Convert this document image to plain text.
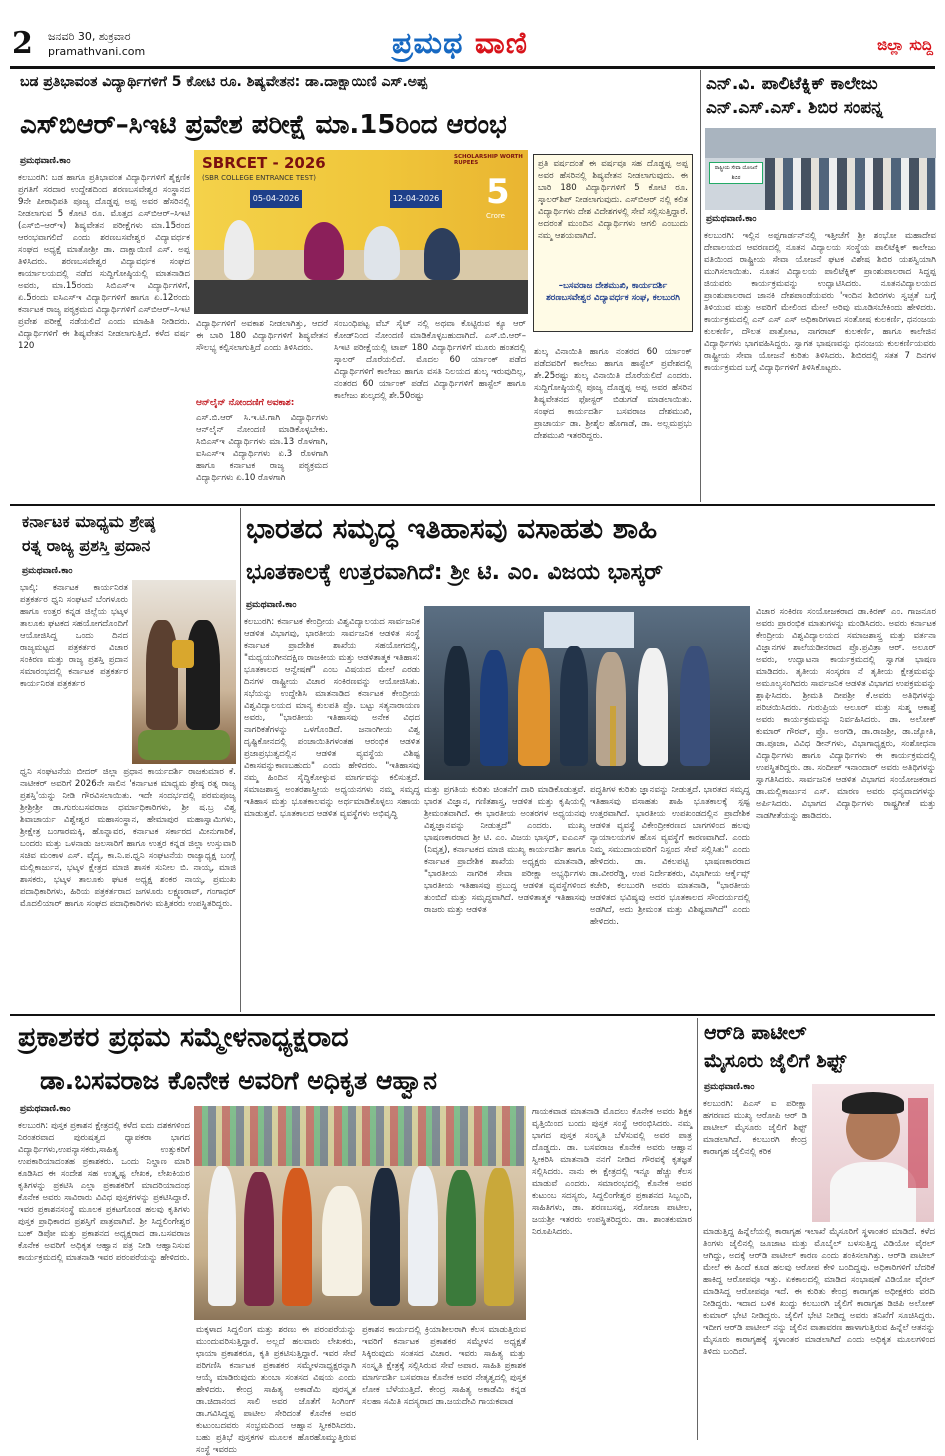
2 ಜನವರಿ 30, ಶುಕ್ರವಾರ
pramathvani.com	ಪ್ರಮಥ ವಾಣಿ	ಜಿಲ್ಲಾ ಸುದ್ದಿ
ಬಡ ಪ್ರತಿಭಾವಂತ ವಿದ್ಯಾರ್ಥಿಗಳಿಗೆ 5 ಕೋಟಿ ರೂ. ಶಿಷ್ಯವೇತನ: ಡಾ.ದಾಕ್ಷಾಯಿಣಿ ಎಸ್.ಅಪ್ಪ
ಎಸ್‌ಬಿಆರ್–ಸಿಇಟಿ ಪ್ರವೇಶ ಪರೀಕ್ಷೆ ಮಾ.15ರಿಂದ ಆರಂಭ
ಪ್ರಮಥವಾಣಿ.ಕಾಂ
ಕಲಬುರಗಿ: ಬಡ ಹಾಗೂ ಪ್ರತಿಭಾವಂತ ವಿದ್ಯಾರ್ಥಿಗಳಿಗೆ ಶೈಕ್ಷಣಿಕ ಪ್ರಗತಿಗೆ ಸರದಾರ ಉದ್ದೇಶದಿಂದ ಶರಣಬಸವೇಶ್ವರ ಸಂಸ್ಥಾನದ 9ನೇ ಪೀಠಾಧಿಪತಿ ಪೂಜ್ಯ ದೊಡ್ಡಪ್ಪ ಅಪ್ಪ ಅವರ ಹೆಸರಿನಲ್ಲಿ ನೀಡಲಾಗುವ 5 ಕೋಟಿ ರೂ. ಮೊತ್ತದ ಎಸ್‌ಬಿಆರ್–ಸಿಇಟಿ (ಎಸ್‌ಬಿ–ಆರ್‌ಇ) ಶಿಷ್ಯವೇತನ ಪರೀಕ್ಷೆಗಳು ಮಾ.15ರಂದ ಆರಂಭವಾಗಲಿದೆ ಎಂದು ಶರಣಬಸವೇಶ್ವರ ವಿದ್ಯಾವರ್ಧಕ ಸಂಘದ ಅಧ್ಯಕ್ಷೆ ಮಾತೋಶ್ರೀ ಡಾ. ದಾಕ್ಷಾಯಿಣಿ ಎಸ್. ಅಪ್ಪ ತಿಳಿಸಿದರು. ಶರಣಬಸವೇಶ್ವರ ವಿದ್ಯಾವರ್ಧಕ ಸಂಘದ ಕಾರ್ಯಾಲಯದಲ್ಲಿ ನಡೆದ ಸುದ್ದಿಗೋಷ್ಠಿಯಲ್ಲಿ ಮಾತನಾಡಿದ ಅವರು, ಮಾ.15ರಂದು ಸಿಬಿಎಸ್‌ಇ ವಿದ್ಯಾರ್ಥಿಗಳಿಗೆ, ಏ.5ರಂದು ಐಸಿಎಸ್‌ಇ ವಿದ್ಯಾರ್ಥಿಗಳಿಗೆ ಹಾಗೂ ಏ.12ರಂದು ಕರ್ನಾಟಕ ರಾಜ್ಯ ಪಠ್ಯಕ್ರಮದ ವಿದ್ಯಾರ್ಥಿಗಳಿಗೆ ಎಸ್‌ಬಿಆರ್–ಸಿಇಟಿ ಪ್ರವೇಶ ಪರೀಕ್ಷೆ ನಡೆಯಲಿದೆ ಎಂದು ಮಾಹಿತಿ ನೀಡಿದರು. ವಿದ್ಯಾರ್ಥಿಗಳಿಗೆ ಈ ಶಿಷ್ಯವೇತನ ನೀಡಲಾಗುತ್ತಿದೆ. ಕಳೆದ ವರ್ಷ 120
SBRCET - 2026
(SBR COLLEGE ENTRANCE TEST)
05-04-2026	12-04-2026 5
Crore
SCHOLARSHIP WORTH RUPEES
ವಿದ್ಯಾರ್ಥಿಗಳಿಗೆ ಅವಕಾಶ ನೀಡಲಾಗಿತ್ತು, ಆದರೆ ಈ ಬಾರಿ 180 ವಿದ್ಯಾರ್ಥಿಗಳಿಗೆ ಶಿಷ್ಯವೇತನ ಸೌಲಭ್ಯ ಕಲ್ಪಿಸಲಾಗುತ್ತಿದೆ ಎಂದು ತಿಳಿಸಿದರು.
ಆನ್‌ಲೈನ್ ನೋಂದಣಿಗೆ ಅವಕಾಶ:
ಎಸ್.ಬಿ.ಆರ್ ಸಿ.ಇ.ಟಿ.ಗಾಗಿ ವಿದ್ಯಾರ್ಥಿಗಳು ಆನ್‌ಲೈನ್ ನೋಂದಣಿ ಮಾಡಿಕೊಳ್ಳಬೇಕು. ಸಿಬಿಎಸ್‌ಇ ವಿದ್ಯಾರ್ಥಿಗಳು ಮಾ.13 ರೊಳಗಾಗಿ, ಐಸಿಎಸ್‌ಇ ವಿದ್ಯಾರ್ಥಿಗಳು ಏ.3 ರೊಳಗಾಗಿ ಹಾಗೂ ಕರ್ನಾಟಕ ರಾಜ್ಯ ಪಠ್ಯಕ್ರಮದ ವಿದ್ಯಾರ್ಥಿಗಳು ಏ.10 ರೊಳಗಾಗಿ
ಸಂಬಂಧಿಪಟ್ಟ ವೆಬ್ ಸೈಟ್ ನಲ್ಲಿ ಅಥವಾ ಕೊಟ್ಟಿರುವ ಕ್ಯೂ ಆರ್ ಕೋಡ್‌ನಿಂದ ನೋಂದಣಿ ಮಾಡಿಕೊಳ್ಳಬಹುದಾಗಿದೆ. ಎಸ್.ಬಿ.ಆರ್–ಸಿಇಟಿ ಪರೀಕ್ಷೆಯಲ್ಲಿ ಟಾಪ್ 180 ವಿದ್ಯಾರ್ಥಿಗಳಿಗೆ ಮೂರು ಹಂತದಲ್ಲಿ ಸ್ಕಾಲರ್ ದೊರೆಯಲಿದೆ. ಮೊದಲ 60 ರ್ಯಾಂಕ್ ಪಡೆದ ವಿದ್ಯಾರ್ಥಿಗಳಿಗೆ ಕಾಲೇಜು ಹಾಗೂ ವಸತಿ ನಿಲಯದ ಶುಲ್ಕ ಇರುವುದಿಲ್ಲ, ನಂತರದ 60 ರ್ಯಾಂಕ್ ಪಡೆದ ವಿದ್ಯಾರ್ಥಿಗಳಿಗೆ ಹಾಸ್ಟೆಲ್ ಹಾಗೂ ಕಾಲೇಜು ಶುಲ್ಕದಲ್ಲಿ ಶೇ.50ರಷ್ಟು
ಪ್ರತಿ ವರ್ಷದಂತೆ ಈ ವರ್ಷವೂ ಸಹ ದೊಡ್ಡಪ್ಪ ಅಪ್ಪ ಅವರ ಹೆಸರಿನಲ್ಲಿ ಶಿಷ್ಯವೇತನ ನೀಡಲಾಗುವುದು. ಈ ಬಾರಿ 180 ವಿದ್ಯಾರ್ಥಿಗಳಿಗೆ 5 ಕೋಟಿ ರೂ. ಸ್ಕಾಲರ್‌ಶಿಪ್ ನೀಡಲಾಗುವುದು. ಎಸ್‌ಬಿಆರ್ ನಲ್ಲಿ ಕಲಿತ ವಿದ್ಯಾರ್ಥಿಗಳು ದೇಶ ವಿದೇಶಗಳಲ್ಲಿ ಸೇವೆ ಸಲ್ಲಿಸುತ್ತಿದ್ದಾರೆ. ಅದರಂತೆ ಮುಂದಿನ ವಿದ್ಯಾರ್ಥಿಗಳು ಆಗಲಿ ಎಂಬುದು ನಮ್ಮ ಆಶಯವಾಗಿದೆ.
–ಬಸವರಾಜ ದೇಶಮುಖಿ, ಕಾರ್ಯದರ್ಶಿ ಶರಣಬಸವೇಶ್ವರ ವಿದ್ಯಾವರ್ಧಕ ಸಂಘ, ಕಲಬುರಗಿ
ಶುಲ್ಕ ವಿನಾಯಿತಿ ಹಾಗೂ ನಂತರದ 60 ರ್ಯಾಂಕ್ ಪಡೆದವರಿಗೆ ಕಾಲೇಜು ಹಾಗೂ ಹಾಸ್ಟೆಲ್ ಪ್ರವೇಶದಲ್ಲಿ ಶೇ.25ರಷ್ಟು ಶುಲ್ಕ ವಿನಾಯಿತಿ ದೊರೆಯಲಿದೆ ಎಂದರು. ಸುದ್ದಿಗೋಷ್ಠಿಯಲ್ಲಿ ಪೂಜ್ಯ ದೊಡ್ಡಪ್ಪ ಅಪ್ಪ ಅವರ ಹೆಸರಿನ ಶಿಷ್ಯವೇತನದ ಫೋಸ್ಟರ್ ಬಿಡುಗಡೆ ಮಾಡಲಾಯಿತು. ಸಂಘದ ಕಾರ್ಯದರ್ಶಿ ಬಸವರಾಜ ದೇಶಮುಖಿ, ಪ್ರಾಚಾರ್ಯ ಡಾ. ಶ್ರೀಶೈಲ ಹೊಗಾಡೆ, ಡಾ. ಅಲ್ಲಮಪ್ರಭು ದೇಶಮುಖಿ ಇತರರಿದ್ದರು.
ಎನ್.ವಿ. ಪಾಲಿಟೆಕ್ನಿಕ್ ಕಾಲೇಜು
ಎನ್.ಎಸ್.ಎಸ್. ಶಿಬಿರ ಸಂಪನ್ನ
ರಾಷ್ಟ್ರೀಯ ಸೇವಾ ಯೋಜನೆ ಶಿಬಿರ
ಪ್ರಮಥವಾಣಿ.ಕಾಂ
ಕಲಬುರಗಿ: ಇಲ್ಲಿನ ಅಪ್ಪಗಾರ್ಡನ್‌ನಲ್ಲಿ ಇತ್ತೀಚೆಗೆ ಶ್ರೀ ಶಂಭೋ ಮಹಾದೇವ ದೇವಾಲಯದ ಆವರಣದಲ್ಲಿ ನೂತನ ವಿದ್ಯಾಲಯ ಸಂಸ್ಥೆಯ ಪಾಲಿಟೆಕ್ನಿಕ್ ಕಾಲೇಜು ವತಿಯಿಂದ ರಾಷ್ಟ್ರೀಯ ಸೇವಾ ಯೋಜನೆ ಘಟಕ ವಿಶೇಷ ಶಿಬಿರ ಯಶಸ್ವಿಯಾಗಿ ಮುಗಿಸಲಾಯಿತು. ನೂತನ ವಿದ್ಯಾಲಯ ಪಾಲಿಟೆಕ್ನಿಕ್ ಪ್ರಾಂಶುಪಾಲರಾದ ಸಿದ್ದಪ್ಪ ಜಿಯವರು ಕಾರ್ಯಕ್ರಮವನ್ನು ಉದ್ಘಾಟಿಸಿದರು. ನೂತನವಿದ್ಯಾಲಯದ ಪ್ರಾಂಶುಪಾಲರಾದ ಜಾನಕಿ ದೇಶಪಾಂಡೆಯವರು 'ಇಂದಿನ ಶಿಬಿರಗಳು ಸ್ವಚ್ಛತೆ ಬಗ್ಗೆ ತಿಳಿಯುವ ಮತ್ತು ಅವರಿಗೆ ಮೇಲಿಂದ ಮೇಲೆ ಅರಿವು ಮೂಡಿಸಬೇಕಿಂದು ಹೇಳಿದರು. ಕಾರ್ಯಕ್ರಮದಲ್ಲಿ ಎನ್ ಎಸ್ ಎಸ್ ಅಧಿಕಾರಿಗಳಾದ ಸಂತೋಷ ಕುಲಕರ್ಣಿ, ಧನಂಜಯ ಕುಲಕರ್ಣಿ, ದೌಲತ ಪಾತ್ರೋಟ, ನಾಗರಾಜ್ ಕುಲಕರ್ಣಿ, ಹಾಗೂ ಕಾಲೇಜಿನ ವಿದ್ಯಾರ್ಥಿಗಳು ಭಾಗವಹಿಸಿದ್ದರು. ಸ್ವಾಗತ ಭಾಷಣವನ್ನು ಧನಂಜಯ ಕುಲಕರ್ಣಿಯವರು ರಾಷ್ಟ್ರೀಯ ಸೇವಾ ಯೋಜನೆ ಕುರಿತು ತಿಳಿಸಿದರು. ಶಿಬಿರದಲ್ಲಿ ಸತತ 7 ದಿನಗಳ ಕಾರ್ಯಕ್ರಮದ ಬಗ್ಗೆ ವಿದ್ಯಾರ್ಥಿಗಳಿಗೆ ತಿಳಿಸಿಕೊಟ್ಟರು.
ಕರ್ನಾಟಕ ಮಾಧ್ಯಮ ಶ್ರೇಷ್ಠ
ರತ್ನ ರಾಜ್ಯ ಪ್ರಶಸ್ತಿ ಪ್ರದಾನ
ಪ್ರಮಥವಾಣಿ.ಕಾಂ
ಭಾಲ್ಕಿ: ಕರ್ನಾಟಕ ಕಾರ್ಯನಿರತ ಪತ್ರಕರ್ತರ ಧ್ವನಿ ಸಂಘಟನೆ ಬೆಂಗಳೂರು ಹಾಗೂ ಉತ್ತರ ಕನ್ನಡ ಜಿಲ್ಲೆಯ ಭಟ್ಕಳ ತಾಲೂಕು ಘಟಕದ ಸಹಯೋಗದೊಂದಿಗೆ ಆಯೋಜಿಸಿದ್ದ ಒಂದು ದಿನದ ರಾಜ್ಯಮಟ್ಟದ ಪತ್ರಕರ್ತರ ವಿಚಾರ ಸಂಕಿರಣ ಮತ್ತು ರಾಜ್ಯ ಪ್ರಶಸ್ತಿ ಪ್ರದಾನ ಸಮಾರಂಭದಲ್ಲಿ ಕರ್ನಾಟಕ ಪತ್ರಕರ್ತರ ಕಾರ್ಯನಿರತ ಪತ್ರಕರ್ತರ
ಧ್ವನಿ ಸಂಘಟನೆಯ ಬೀದರ್ ಜಿಲ್ಲಾ ಪ್ರಧಾನ ಕಾರ್ಯದರ್ಶಿ ರಾಜಕುಮಾರ ಕೆ. ನಾಟೀಕರ್ ಅವರಿಗೆ 2026ನೇ ಸಾಲಿನ 'ಕರ್ನಾಟಕ ಮಾಧ್ಯಮ ಶ್ರೇಷ್ಠ ರತ್ನ ರಾಜ್ಯ ಪ್ರಶಸ್ತಿ'ಯನ್ನು ನೀಡಿ ಗೌರವಿಸಲಾಯಿತು. ಇದೇ ಸಂದರ್ಭದಲ್ಲಿ ಪರಮಪೂಜ್ಯ ಶ್ರೀಶ್ರೀಶ್ರೀ ಡಾ.ಗುರುಬಸವರಾಜ ಧರ್ಮಾಧಿಕಾರಿಗಳು, ಶ್ರೀ ಷ.ಬ್ರ ವಿಶ್ವ ಶಿವಾಚಾರ್ಯ ವಿಶ್ವೇಶ್ವರ ಮಹಾಸಂಸ್ಥಾನ, ಹೇಮಾಪುರ ಮಹಾಸ್ವಾಮಿಗಳು, ಶ್ರೀಕ್ಷೇತ್ರ ಬಂಗಾರಮಕ್ಕಿ, ಹೊನ್ನಾವರ, ಕರ್ನಾಟಕ ಸರ್ಕಾರದ ಮೀನುಗಾರಿಕೆ, ಬಂದರು ಮತ್ತು ಒಳನಾಡು ಜಲಸಾರಿಗೆ ಹಾಗೂ ಉತ್ತರ ಕನ್ನಡ ಜಿಲ್ಲಾ ಉಸ್ತುವಾರಿ ಸಚಿವ ಮಂಕಾಳ ಎಸ್. ವೈದ್ಯ, ಕಾ.ನಿ.ಪ.ಧ್ವನಿ ಸಂಘಟನೆಯ ರಾಜ್ಯಾಧ್ಯಕ್ಷ ಬಂಗ್ಲೆ ಮಲ್ಲಿಕಾರ್ಜುನ, ಭಟ್ಕಳ ಕ್ಷೇತ್ರದ ಮಾಜಿ ಶಾಸಕ ಸುನೀಲ ಬಿ. ನಾಯ್ಕ, ಮಾಜಿ ಶಾಸಕರು, ಭಟ್ಕಳ ತಾಲೂಕು ಘಟಕ ಅಧ್ಯಕ್ಷ ಶಂಕರ ನಾಯ್ಕ, ಪ್ರಮುಖ ಪದಾಧಿಕಾರಿಗಳು, ಹಿರಿಯ ಪತ್ರಕರ್ತರಾದ ಜಗಳೂರು ಲಕ್ಷ್ಮಣರಾವ್, ಗಂಗಾಧರ್ ಮೊದಲಿಯಾರ್ ಹಾಗೂ ಸಂಘದ ಪದಾಧಿಕಾರಿಗಳು ಮತ್ತಿತರರು ಉಪಸ್ಥಿತರಿದ್ದರು.
ಭಾರತದ ಸಮೃದ್ಧ ಇತಿಹಾಸವು ವಸಾಹತು ಶಾಹಿ
ಭೂತಕಾಲಕ್ಕೆ ಉತ್ತರವಾಗಿದೆ: ಶ್ರೀ ಟಿ. ಎಂ. ವಿಜಯ ಭಾಸ್ಕರ್
ಪ್ರಮಥವಾಣಿ.ಕಾಂ
ಕಲಬುರಗಿ: ಕರ್ನಾಟಕ ಕೇಂದ್ರೀಯ ವಿಶ್ವವಿದ್ಯಾಲಯದ ಸಾರ್ವಜನಿಕ ಆಡಳಿತ ವಿಭಾಗವು, ಭಾರತೀಯ ಸಾರ್ವಜನಿಕ ಆಡಳಿತ ಸಂಸ್ಥೆ ಕರ್ನಾಟಕ ಪ್ರಾದೇಶಿಕ ಶಾಖೆಯ ಸಹಯೋಗದಲ್ಲಿ, "ಮಧ್ಯಯುಗೀನದಕ್ಷಿಣ ರಾಜಕೀಯ ಮತ್ತು ಆಡಳಿತಾತ್ಮಕ ಇತಿಹಾಸ: ಭೂತಕಾಲದ ಆನ್ವೇಷಣೆ" ಎಂಬ ವಿಷಯದ ಮೇಲೆ ಎರಡು ದಿನಗಳ ರಾಷ್ಟ್ರೀಯ ವಿಚಾರ ಸಂಕಿರಣವನ್ನು ಆಯೋಜಿಸಿತು. ಸಭೆಯನ್ನು ಉದ್ದೇಶಿಸಿ ಮಾತನಾಡಿದ ಕರ್ನಾಟಕ ಕೇಂದ್ರೀಯ ವಿಶ್ವವಿದ್ಯಾಲಯದ ಮಾನ್ಯ ಕುಲಪತಿ ಪ್ರೊ. ಬಟ್ಟು ಸತ್ಯನಾರಾಯಣ ಅವರು, "ಭಾರತೀಯ ಇತಿಹಾಸವು ಅನೇಕ ವಿಧದ ನಾಗರಿಕತೆಗಳನ್ನು ಒಳಗೊಂಡಿದೆ. ಜನಾಂಗೀಯ ವಿಶ್ವ ದೃಷ್ಟಿಕೋನದಲ್ಲಿ ಪಂಚಾಯಿತಿಗಳಂತಹ ಆರಂಭಿಕ ಆಡಳಿತ ಪ್ರಜಾಪ್ರಭುತ್ವದಲ್ಲಿನ ಆಡಳಿತ ವ್ಯವಸ್ಥೆಯ ವಿಶಿಷ್ಟ ವಿಕಾಸವನ್ನುಕಾಣಬಹುದು" ಎಂದು ಹೇಳಿದರು. "ಇತಿಹಾಸವು ನಮ್ಮ ಹಿಂದಿನ ಸೈದ್ಧಿಕೋಳ್ಳುವ ಮಾರ್ಗವನ್ನು ಕಲಿಸುತ್ತದೆ. ಸಮಾಜಶಾಸ್ತ್ರ ಅಂತರಶಾಸ್ತ್ರೀಯ ಅಧ್ಯಯನಗಳು ನಮ್ಮ ಸಮೃದ್ಧ ಇತಿಹಾಸ ಮತ್ತು ಭೂತಕಾಲವನ್ನು ಅರ್ಥಮಾಡಿಕೊಳ್ಳಲು ಸಹಾಯ ಮಾಡುತ್ತವೆ. ಭೂತಕಾಲದ ಆಡಳಿತ ವ್ಯವಸ್ಥೆಗಳು ಅಭಿವೃದ್ಧಿ
ಮತ್ತು ಪ್ರಗತಿಯ ಕುರಿತು ಚಿಂತನೆಗೆ ದಾರಿ ಮಾಡಿಕೊಡುತ್ತವೆ. ಭಾರತ ವಿಜ್ಞಾನ, ಗಣಿತಶಾಸ್ತ್ರ, ಆಡಳಿತ ಮತ್ತು ಕೃಷಿಯಲ್ಲಿ ಶ್ರೀಮಂತವಾಗಿದೆ. ಈ ಭಾರತೀಯ ಅಂತರಗಳ ಅಧ್ಯಯನವು ವಿಶ್ವಜ್ಞಾನವನ್ನು ನೀಡುತ್ತದೆ" ಎಂದರು. ಮುಖ್ಯ ಭಾಷಣಕಾರರಾದ ಶ್ರೀ ಟಿ. ಎಂ. ವಿಜಯ ಭಾಸ್ಕರ್, ಐಎಎಸ್ (ನಿವೃತ್ತ), ಕರ್ನಾಟಕದ ಮಾಜಿ ಮುಖ್ಯ ಕಾರ್ಯದರ್ಶಿ ಹಾಗೂ ಕರ್ನಾಟಕ ಪ್ರಾದೇಶಿಕ ಶಾಖೆಯ ಅಧ್ಯಕ್ಷರು ಮಾತನಾಡಿ, "ಭಾರತೀಯ ನಾಗರಿಕ ಸೇವಾ ಪರೀಕ್ಷಾ ಅಭ್ಯರ್ಥಿಗಳು ಭಾರತೀಯ ಇತಿಹಾಸವು ಪ್ರಬುದ್ಧ ಆಡಳಿತ ವ್ಯವಸ್ಥೆಗಳಿಂದ ತುಂಬಿದೆ ಮತ್ತು ಸಮೃದ್ಧವಾಗಿದೆ. ಆಡಳಿತಾತ್ಮಕ ಇತಿಹಾಸವು ರಾಜರು ಮತ್ತು ಆಡಳಿತ
ಪದ್ಧತಿಗಳ ಕುರಿತು ಜ್ಞಾನವನ್ನು ನೀಡುತ್ತದೆ. ಭಾರತದ ಸಮೃದ್ಧ ಇತಿಹಾಸವು ವಸಾಹತು ಶಾಹಿ ಭೂತಕಾಲಕ್ಕೆ ಸ್ಪಷ್ಟ ಉತ್ತರವಾಗಿದೆ. ಭಾರತೀಯ ಉಪಖಂಡದಲ್ಲಿನ ಪ್ರಾದೇಶಿಕ ಆಡಳಿತ ವ್ಯವಸ್ಥೆ ವಿಕೇಂದ್ರೀಕರಣದ ಬಾಗಗಳಿಂದ ಹಲವು ನ್ಯಾಯಾಲಯಗಳ ಹೊಸ ವ್ಯವಸ್ಥೆಗೆ ಕಾರಣವಾಗಿದೆ. ಎಂದು ನಿಮ್ಮ ಸಮುದಾಯವರಿಗೆ ನಿಸ್ಪಂದ ಸೇವೆ ಸಲ್ಲಿಸಿತು" ಎಂದು ಹೇಳಿದರು. ಡಾ. ವಿಕಲಪಟ್ಟಿ ಭಾಷಣಕಾರರಾದ ಡಾ.ವೀರರೆಡ್ಡಿ, ಉಪ ನಿರ್ದೇಶಕರು, ವಿಭಾಗೀಯ ಆರ್ಕೈವ್ಸ್ ಕಚೇರಿ, ಕಲಬುರಗಿ ಅವರು ಮಾತನಾಡಿ, "ಭಾರತೀಯ ಆಡಳಿತದ ಭವಿಷ್ಯವು ಅದರ ಭೂತಕಾಲದ ಸೌಂದರ್ಯದಲ್ಲಿ ಅಡಗಿದೆ, ಅದು ಶ್ರೀಮಂತ ಮತ್ತು ವಿಶಿಷ್ಟವಾಗಿದೆ" ಎಂದು ಹೇಳಿದರು.
ವಿಚಾರ ಸಂಕಿರಣ ಸಂಯೋಜಕರಾದ ಡಾ.ಕಿರಣ್ ಎಂ. ಗಾಜನೂರ ಅವರು ಪ್ರಾರಂಭಿಕ ಮಾತುಗಳನ್ನು ಮಂಡಿಸಿದರು. ಅವರು ಕರ್ನಾಟಕ ಕೇಂದ್ರೀಯ ವಿಶ್ವವಿದ್ಯಾಲಯದ ಸಮಾಜಶಾಸ್ತ್ರ ಮತ್ತು ವರ್ತನಾ ವಿಜ್ಞಾನಗಳ ಶಾಲೆಯಡೀನರಾದ ಪ್ರೊ.ಪ್ರವಿತ್ರಾ ಆರ್. ಅಲೂರ್ ಅವರು, ಉದ್ಘಾಟನಾ ಕಾರ್ಯಕ್ರಮದಲ್ಲಿ ಸ್ವಾಗತ ಭಾಷಣ ಮಾಡಿದರು. ತೃತೀಯ ಸಂಸ್ಕರಣ ನೆ ತೃತೀಯ ಕ್ಷೇತ್ರಮವನ್ನು ಅಮೂಲ್ಯಸಂಗಿದರು ಸಾರ್ವಜನಿಕ ಆಡಳಿತ ವಿಭಾಗದ ಉಪಕ್ರಮವನ್ನು ಶ್ಲಾಘಿಸಿದರು. ಶ್ರೀಮತಿ ದೀಪಶ್ರೀ ಕೆ.ಅವರು ಅತಿಥಿಗಳನ್ನು ಪರಿಚಯಿಸಿದರು. ಗುರುಪ್ರಿಯ ಆಲೂರ್ ಮತ್ತು ಸುಶ್ಮ ಆಕಾಶ್ತೆ ಅವರು ಕಾರ್ಯಕ್ರಮವನ್ನು ನಿರ್ವಹಿಸಿದರು. ಡಾ. ಅಲೋಕ್ ಕುಮಾರ್ ಗೌರವ್, ಪ್ರೊ. ಅಂಗಡಿ, ಡಾ.ರಾಜಶ್ರೀ, ಡಾ.ಜ್ಯೋತಿ, ಡಾ.ಪೂಜಾ, ವಿವಿಧ ಡೀನ್‌ಗಳು, ವಿಭಾಗಾಧ್ಯಕ್ಷರು, ಸಂಶೋಧನಾ ವಿದ್ಯಾರ್ಥಿಗಳು ಹಾಗೂ ವಿದ್ಯಾರ್ಥಿಗಳು ಈ ಕಾರ್ಯಕ್ರಮದಲ್ಲಿ ಉಪಸ್ಥಿತರಿದ್ದರು. ಡಾ. ಸಂದೀಪ್ ಇನಾಂದಾರ್ ಅವರು ಅತಿಥಿಗಳನ್ನು ಸ್ವಾಗತಿಸಿದರು. ಸಾರ್ವಜನಿಕ ಆಡಳಿತ ವಿಭಾಗದ ಸಂಯೋಜಕರಾದ ಡಾ.ಮಲ್ಲಿಕಾರ್ಜುನ ಎಸ್. ಮಾರಣ ಅವರು ಧನ್ಯವಾದಗಳನ್ನು ಅರ್ಪಿಸಿದರು. ವಿಭಾಗದ ವಿದ್ಯಾರ್ಥಿಗಳು ರಾಷ್ಟ್ರಗೀತೆ ಮತ್ತು ನಾಡಗೀತೆಯನ್ನು ಹಾಡಿದರು.
ಪ್ರಕಾಶಕರ ಪ್ರಥಮ ಸಮ್ಮೇಳನಾಧ್ಯಕ್ಷರಾದ
ಡಾ.ಬಸವರಾಜ ಕೊನೇಕ ಅವರಿಗೆ ಅಧಿಕೃತ ಆಹ್ವಾನ
ಪ್ರಮಥವಾಣಿ.ಕಾಂ
ಕಲಬುರಗಿ: ಪುಸ್ತಕ ಪ್ರಕಾಶನ ಕ್ಷೇತ್ರದಲ್ಲಿ ಕಳೆದ ಐದು ದಶಕಗಳಿಂದ ನಿರಂತರವಾದ ಪುರುಷತ್ವದ ಧ್ಯಾಪಕರಾ ಭಾಗದ ವಿದ್ಯಾರ್ಥಿಗಳು,ಉಪನ್ಯಾಸಕರು,ಸಾಹಿತ್ಯ ಉತ್ಸುಕರಿಗೆ ಉಪಕಾರಿಯಾದಂತಹ ಪ್ರಕಾಶಕರು. ಒಂದು ನಿಲ್ದಾಣ ಮಾರಿ ಕೂಡಿಸಿದ ಈ ಸಂದೇಶ ಸಹ ಉತ್ಕೃಷ್ಟ ಲೇಖಕ, ಲೇಖಕಿಯರ ಕೃತಿಗಳನ್ನು ಪ್ರಕಟಿಸಿ ಎಲ್ಲಾ ಪ್ರಕಾಶಕರಿಗೆ ಮಾದರಿಯಾದಂಥ ಕೊನೇಕ ಅವರು ಸಾವಿರಾರು ವಿವಿಧ ಪುಸ್ತಕಗಳನ್ನು ಪ್ರಕಟಿಸಿದ್ದಾರೆ. ಇವರ ಪ್ರಕಾಶನಸಂಸ್ಥೆ ಮೂಲಕ ಪ್ರಕಟಗೊಂಡ ಹಲವು ಕೃತಿಗಳು ಪುಸ್ತಕ ಪ್ರಾಧಿಕಾರದ ಪ್ರಶಸ್ತಿಗೆ ಪಾತ್ರವಾಗಿವೆ. ಶ್ರೀ ಸಿದ್ದಲಿಂಗೇಶ್ವರ ಬುಕ್ ಡಿಪೋ ಮತ್ತು ಪ್ರಕಾಶನದ ಅಧ್ಯಕ್ಷರಾದ ಡಾ.ಬಸವರಾಜ ಕೊನೇಕ ಅವರಿಗೆ ಅಧಿಕೃತ ಆಹ್ವಾನ ಪತ್ರ ನೀಡಿ ಆಹ್ವಾನಿಸುವ ಕಾರ್ಯಕ್ರಮದಲ್ಲಿ ಮಾತನಾಡಿ ಇವರ ಪರಂಪರೆಯನ್ನು ಹೇಳಿದರು.
ಮಕ್ಕಳಾದ ಸಿದ್ದಲಿಂಗ ಮತ್ತು ಶರಣು ಈ ಪರಂಪರೆಯನ್ನು ಮುಂದುವರಿಸುತ್ತಿದ್ದಾರೆ. ಅಲ್ಲದೆ ಹಲವಾರು ಲೇಖಕರು, ಛಾಯಾ ಪ್ರಕಾಶಕರೂ, ಕೃತಿ ಪ್ರಕಟಿಸುತ್ತಿದ್ದಾರೆ. ಇವರ ಸೇವೆ ಪರಿಗಣಿಸಿ ಕರ್ನಾಟಕ ಪ್ರಕಾಶಕರ ಸಮ್ಮೇಳನಾಧ್ಯಕ್ಷರನ್ನಾಗಿ ಆಯ್ಕೆ ಮಾಡಿರುವುದು ತುಂಬಾ ಸಂತಸದ ವಿಷಯ ಎಂದು ಹೇಳಿದರು. ಕೇಂದ್ರ ಸಾಹಿತ್ಯ ಅಕಾಡೆಮಿ ಪುರಸ್ಕೃತ ಡಾ.ಚಿದಾನಂದ ಸಾಲಿ ಅವರ ಜೊತೆಗೆ ಸಿಂಗಿಂಗ್ ಡಾ.ಗವಿಸಿದ್ದಪ್ಪ ಪಾಟೀಲ ಸೇರಿದಂತೆ ಕೊನೇಕ ಅವರ ಕುಟುಂಬದವರು ಸಂಭ್ರಮದಿಂದ ಆಹ್ವಾನ ಸ್ವೀಕರಿಸಿದರು. ಬಹು ಪ್ರತಿಭೆ ಪುಸ್ತಕಗಳ ಮೂಲಕ ಹೊರಹೊಮ್ಮುತ್ತಿರುವ ಸಂಸ್ಥೆ ಇವರದು
ಪ್ರಕಾಶನ ಕಾರ್ಯದಲ್ಲಿ ಕ್ರಿಯಾಶೀಲರಾಗಿ ಕೆಲಸ ಮಾಡುತ್ತಿರುವ ಇವರಿಗೆ ಕರ್ನಾಟಕ ಪ್ರಕಾಶಕರ ಸಮ್ಮೇಳನ ಅಧ್ಯಕ್ಷತೆ ಸಿಕ್ಕಿರುವುದು ಸಂತಸದ ವಿಚಾರ. ಇವರು ಸಾಹಿತ್ಯ ಮತ್ತು ಸಂಸ್ಕೃತಿ ಕ್ಷೇತ್ರಕ್ಕೆ ಸಲ್ಲಿಸಿರುವ ಸೇವೆ ಅಪಾರ. ಸಾಹಿತಿ ಪ್ರಕಾಶಕ ಮಾರ್ಗದರ್ಶಿ ಬಸವರಾಜ ಕೊನೇಕ ಅವರ ನೇತೃತ್ವದಲ್ಲಿ ಪುಸ್ತಕ ಲೋಕ ಬೆಳೆಯುತ್ತಿದೆ. ಕೇಂದ್ರ ಸಾಹಿತ್ಯ ಅಕಾಡೆಮಿ ಕನ್ನಡ ಸಲಹಾ ಸಮಿತಿ ಸದಸ್ಯರಾದ ಡಾ.ಜಯದೇವಿ ಗಾಯಕವಾಡ
ಗಾಯಕವಾಡ ಮಾತನಾಡಿ ಮೊದಲು ಕೊನೇಕ ಅವರು ಶಿಕ್ಷಕ ವೃತ್ತಿಯಿಂದ ಬಂದು ಪುಸ್ತಕ ಸಂಸ್ಥೆ ಆರಂಭಿಸಿದರು. ನಮ್ಮ ಭಾಗದ ಪುಸ್ತಕ ಸಂಸ್ಕೃತಿ ಬೆಳೆಸುವಲ್ಲಿ ಅವರ ಪಾತ್ರ ದೊಡ್ಡದು. ಡಾ. ಬಸವರಾಜ ಕೊನೇಕ ಅವರು ಆಹ್ವಾನ ಸ್ವೀಕರಿಸಿ ಮಾತನಾಡಿ ನನಗೆ ನೀಡಿದ ಗೌರವಕ್ಕೆ ಕೃತಜ್ಞತೆ ಸಲ್ಲಿಸಿದರು. ನಾನು ಈ ಕ್ಷೇತ್ರದಲ್ಲಿ ಇನ್ನೂ ಹೆಚ್ಚು ಕೆಲಸ ಮಾಡುವೆ ಎಂದರು. ಸಮಾರಂಭದಲ್ಲಿ ಕೊನೇಕ ಅವರ ಕುಟುಂಬ ಸದಸ್ಯರು, ಸಿದ್ದಲಿಂಗೇಶ್ವರ ಪ್ರಕಾಶನದ ಸಿಬ್ಬಂದಿ, ಸಾಹಿತಿಗಳು, ಡಾ. ಶರಣಬಸಪ್ಪ, ಸರೋಜಾ ಪಾಟೀಲ, ಜಯಶ್ರೀ ಇತರರು ಉಪಸ್ಥಿತರಿದ್ದರು. ಡಾ. ಶಾಂತಕುಮಾರ ನಿರೂಪಿಸಿದರು.
ಆರ್‌ಡಿ ಪಾಟೀಲ್
ಮೈಸೂರು ಜೈಲಿಗೆ ಶಿಫ್ಟ್
ಪ್ರಮಥವಾಣಿ.ಕಾಂ
ಕಲಬುರಗಿ: ಪಿಎಸ್ ಐ ಪರೀಕ್ಷಾ ಹಗರಣದ ಮುಖ್ಯ ಆರೋಪಿ ಆರ್ ಡಿ ಪಾಟೀಲ್ ಮೈಸೂರು ಜೈಲಿಗೆ ಶಿಫ್ಟ್ ಮಾಡಲಾಗಿದೆ. ಕಲಬುರಗಿ ಕೇಂದ್ರ ಕಾರಾಗೃಹ ಜೈಲಿನಲ್ಲಿ ಕರಿಕ
ಮಾಡುತ್ತಿದ್ದ ಹಿನ್ನೆಲೆಯಲ್ಲಿ ಕಾರಾಗೃಹ ಇಲಾಖೆ ಮೈಸೂರಿಗೆ ಸ್ಥಳಾಂತರ ಮಾಡಿದೆ. ಕಳೆದ ತಿಂಗಳು ಜೈಲಿನಲ್ಲಿ ಜೂಜಾಟ ಮತ್ತು ಮೊಬೈಲ್ ಬಳಸುತ್ತಿದ್ದ ವಿಡಿಯೋ ವೈರಲ್ ಆಗಿದ್ದು, ಅದಕ್ಕೆ ಆರ್‌ಡಿ ಪಾಟೀಲ್ ಕಾರಣ ಎಂದು ಶಂಕಿಸಲಾಗಿತ್ತು. ಆರ್‌ಡಿ ಪಾಟೀಲ್ ಮೇಲೆ ಈ ಹಿಂದೆ ಕೂಡ ಹಲವು ಆರೋಪ ಕೇಳಿ ಬಂದಿದ್ದವು. ಅಧಿಕಾರಿಗಳಿಗೆ ಬೆದರಿಕೆ ಹಾಕಿದ್ದ ಆರೋಪವೂ ಇತ್ತು. ಏಕಕಾಲದಲ್ಲಿ ಮಾಡಿದ ಸಂಭಾಷಣೆ ವಿಡಿಯೋ ವೈರಲ್ ಮಾಡಿಸಿದ್ದ ಆರೋಪವೂ ಇದೆ. ಈ ಕುರಿತು ಕೇಂದ್ರ ಕಾರಾಗೃಹ ಅಧೀಕ್ಷಕರು ವರದಿ ನೀಡಿದ್ದರು. ಇದಾದ ಬಳಿಕ ಖುದ್ದು ಕಲಬುರಗಿ ಜೈಲಿಗೆ ಕಾರಾಗೃಹ ಡಿಜಿಪಿ ಅಲೋಕ್ ಕುಮಾರ್ ಭೇಟಿ ನೀಡಿದ್ದರು. ಜೈಲಿಗೆ ಭೇಟಿ ನೀಡಿದ್ದ ಅವರು ತನಿಖೆಗೆ ಸೂಚಿಸಿದ್ದರು. ಇದೀಗ ಆರ್‌ಡಿ ಪಾಟೀಲ್ ನನ್ನು ಜೈಲಿನ ವಾತಾವರಣ ಹಾಳಾಗುತ್ತಿರುವ ಹಿನ್ನೆಲೆ ಆತನನ್ನು ಮೈಸೂರು ಕಾರಾಗೃಹಕ್ಕೆ ಸ್ಥಳಾಂತರ ಮಾಡಲಾಗಿದೆ ಎಂದು ಅಧಿಕೃತ ಮೂಲಗಳಿಂದ ತಿಳಿದು ಬಂದಿದೆ.
